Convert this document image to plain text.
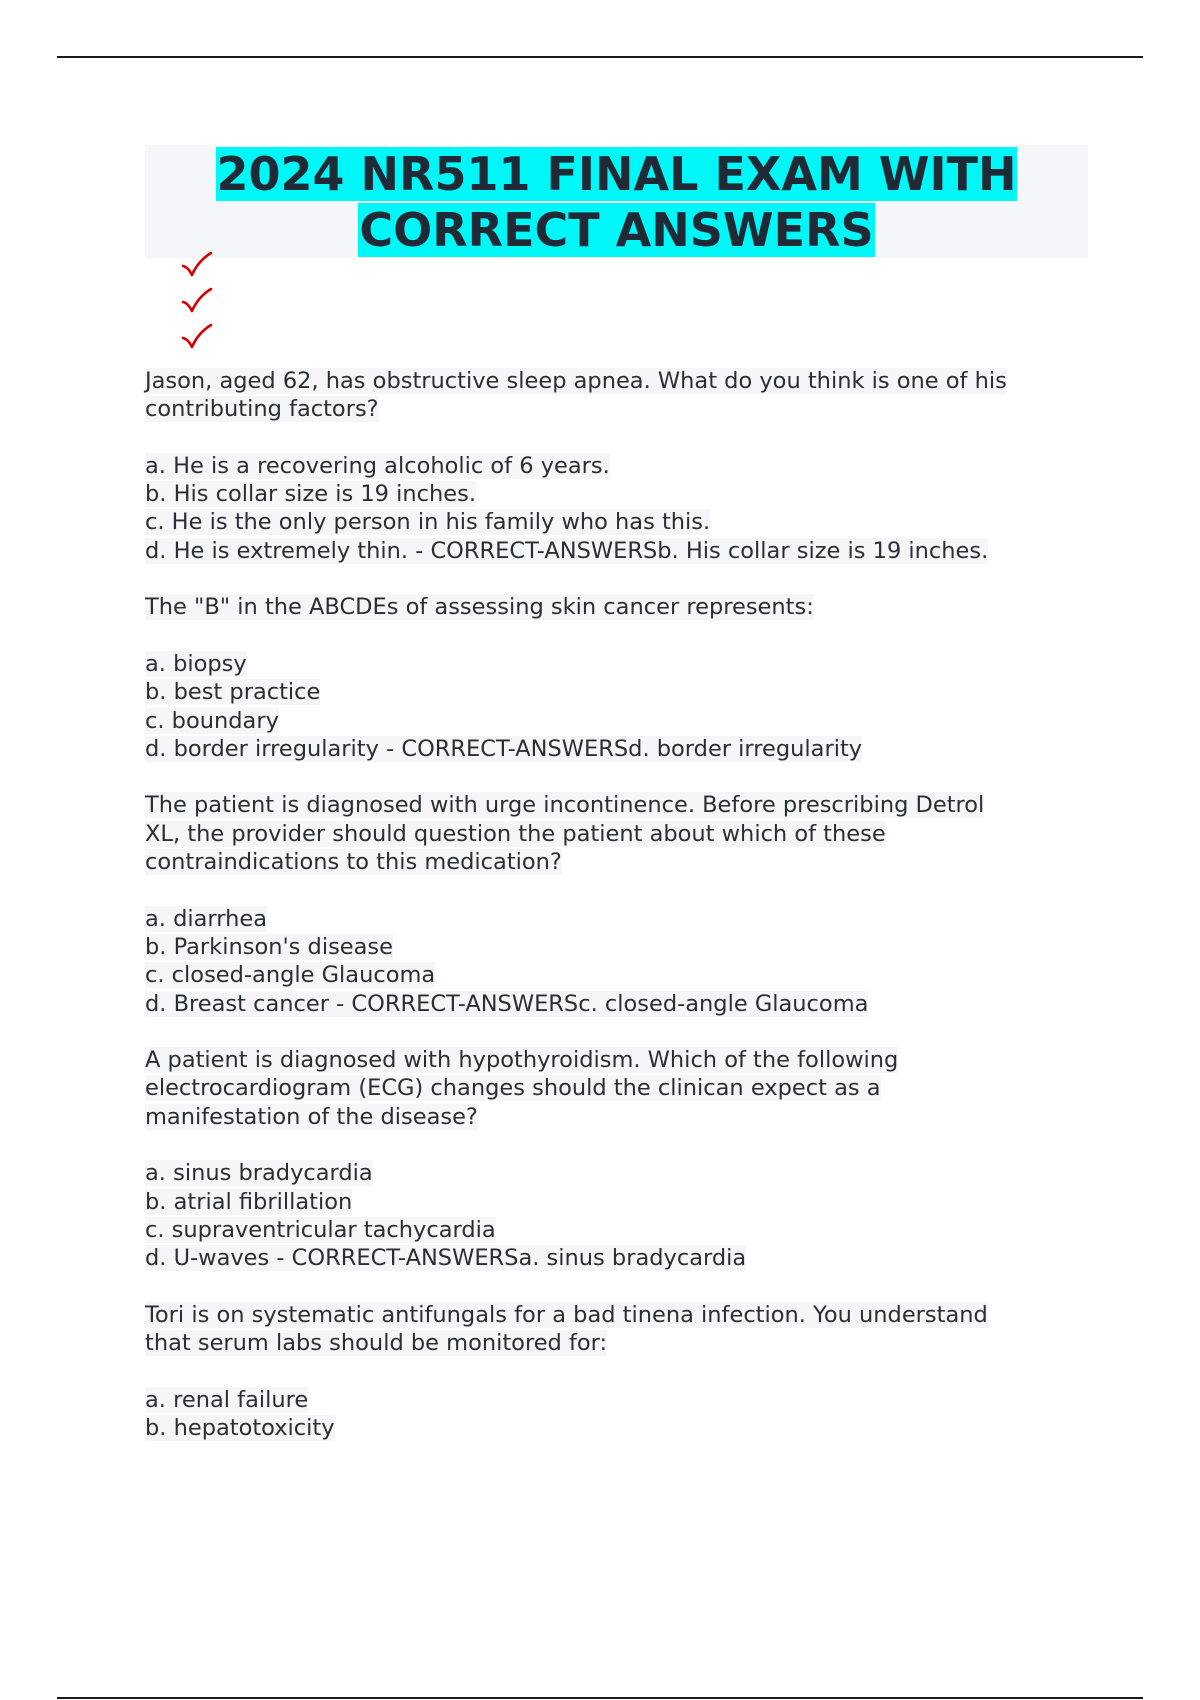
2024 NR511 FINAL EXAM WITH
CORRECT ANSWERS
Jason, aged 62, has obstructive sleep apnea. What do you think is one of his
contributing factors?
a. He is a recovering alcoholic of 6 years.
b. His collar size is 19 inches.
c. He is the only person in his family who has this.
d. He is extremely thin. - CORRECT-ANSWERSb. His collar size is 19 inches.
The "B" in the ABCDEs of assessing skin cancer represents:
a. biopsy
b. best practice
c. boundary
d. border irregularity - CORRECT-ANSWERSd. border irregularity
The patient is diagnosed with urge incontinence. Before prescribing Detrol
XL, the provider should question the patient about which of these
contraindications to this medication?
a. diarrhea
b. Parkinson's disease
c. closed-angle Glaucoma
d. Breast cancer - CORRECT-ANSWERSc. closed-angle Glaucoma
A patient is diagnosed with hypothyroidism. Which of the following
electrocardiogram (ECG) changes should the clinican expect as a
manifestation of the disease?
a. sinus bradycardia
b. atrial fibrillation
c. supraventricular tachycardia
d. U-waves - CORRECT-ANSWERSa. sinus bradycardia
Tori is on systematic antifungals for a bad tinena infection. You understand
that serum labs should be monitored for:
a. renal failure
b. hepatotoxicity
